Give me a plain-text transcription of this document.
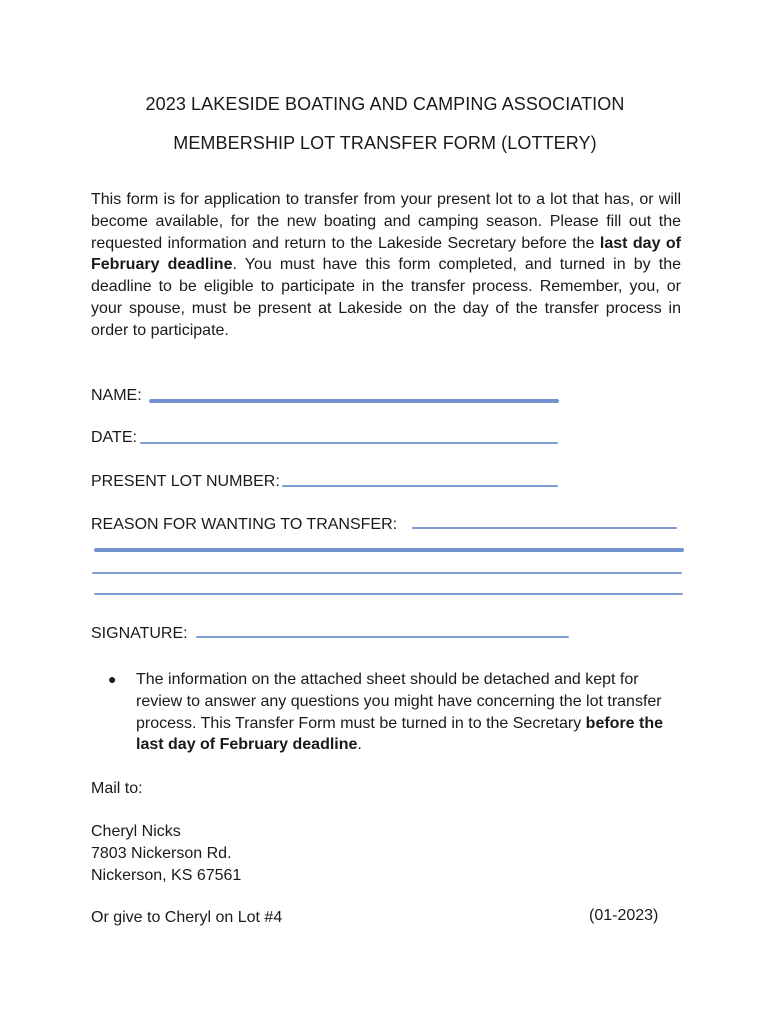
2023 LAKESIDE BOATING AND CAMPING ASSOCIATION
MEMBERSHIP LOT TRANSFER FORM (LOTTERY)
This form is for application to transfer from your present lot to a lot that has, or will become available, for the new boating and camping season. Please fill out the requested information and return to the Lakeside Secretary before the last day of February deadline. You must have this form completed, and turned in by the deadline to be eligible to participate in the transfer process. Remember, you, or your spouse, must be present at Lakeside on the day of the transfer process in order to participate.
NAME:
DATE:
PRESENT LOT NUMBER:
REASON FOR WANTING TO TRANSFER:
SIGNATURE:
● The information on the attached sheet should be detached and kept for review to answer any questions you might have concerning the lot transfer process. This Transfer Form must be turned in to the Secretary before the last day of February deadline.
Mail to:
Cheryl Nicks
7803 Nickerson Rd.
Nickerson, KS 67561
Or give to Cheryl on Lot #4	(01-2023)
